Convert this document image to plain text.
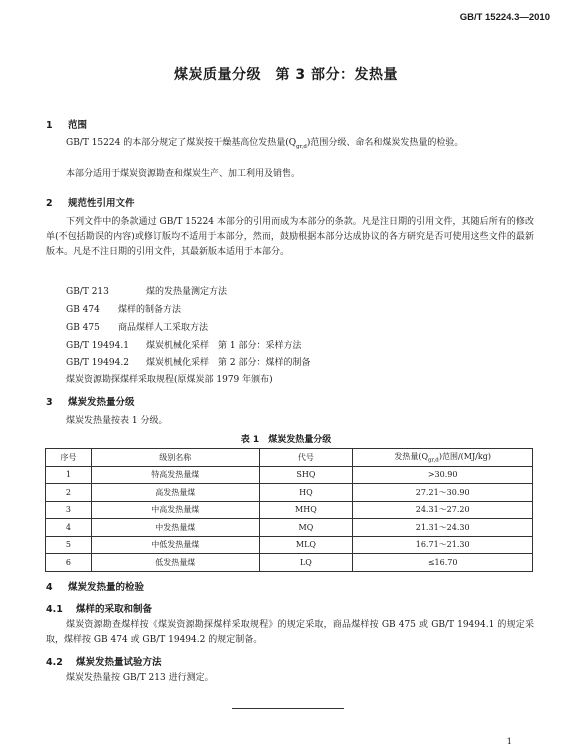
GB/T 15224.3—2010
煤炭质量分级　第 3 部分：发热量
1 范围
GB/T 15224 的本部分规定了煤炭按干燥基高位发热量$(Q_{gr,d})$范围分级、命名和煤炭发热量的检验。
本部分适用于煤炭资源勘查和煤炭生产、加工利用及销售。
2 规范性引用文件
下列文件中的条款通过 GB/T 15224 本部分的引用而成为本部分的条款。凡是注日期的引用文件，其随后所有的修改单(不包括勘误的内容)或修订版均不适用于本部分，然而，鼓励根据本部分达成协议的各方研究是否可使用这些文件的最新版本。凡是不注日期的引用文件，其最新版本适用于本部分。
GB/T 213	煤的发热量测定方法
GB 474 煤样的制备方法
GB 475 商品煤样人工采取方法
GB/T 19494.1 煤炭机械化采样　第 1 部分：采样方法
GB/T 19494.2 煤炭机械化采样　第 2 部分：煤样的制备
煤炭资源勘探煤样采取规程(原煤炭部 1979 年颁布)
3 煤炭发热量分级
煤炭发热量按表 1 分级。
表 1　煤炭发热量分级
序号	级别名称	代号	发热量$(Q_{gr,d})$范围/(MJ/kg)
1	特高发热量煤	SHQ	>30.90
2	高发热量煤	HQ	27.21～30.90
3	中高发热量煤	MHQ	24.31～27.20
4	中发热量煤	MQ	21.31～24.30
5	中低发热量煤	MLQ	16.71～21.30
6	低发热量煤	LQ	≤16.70
4 煤炭发热量的检验
4.1 煤样的采取和制备
煤炭资源勘查煤样按《煤炭资源勘探煤样采取规程》的规定采取，商品煤样按 GB 475 或 GB/T 19494.1 的规定采取，煤样按 GB 474 或 GB/T 19494.2 的规定制备。
4.2 煤炭发热量试验方法
煤炭发热量按 GB/T 213 进行测定。
1
